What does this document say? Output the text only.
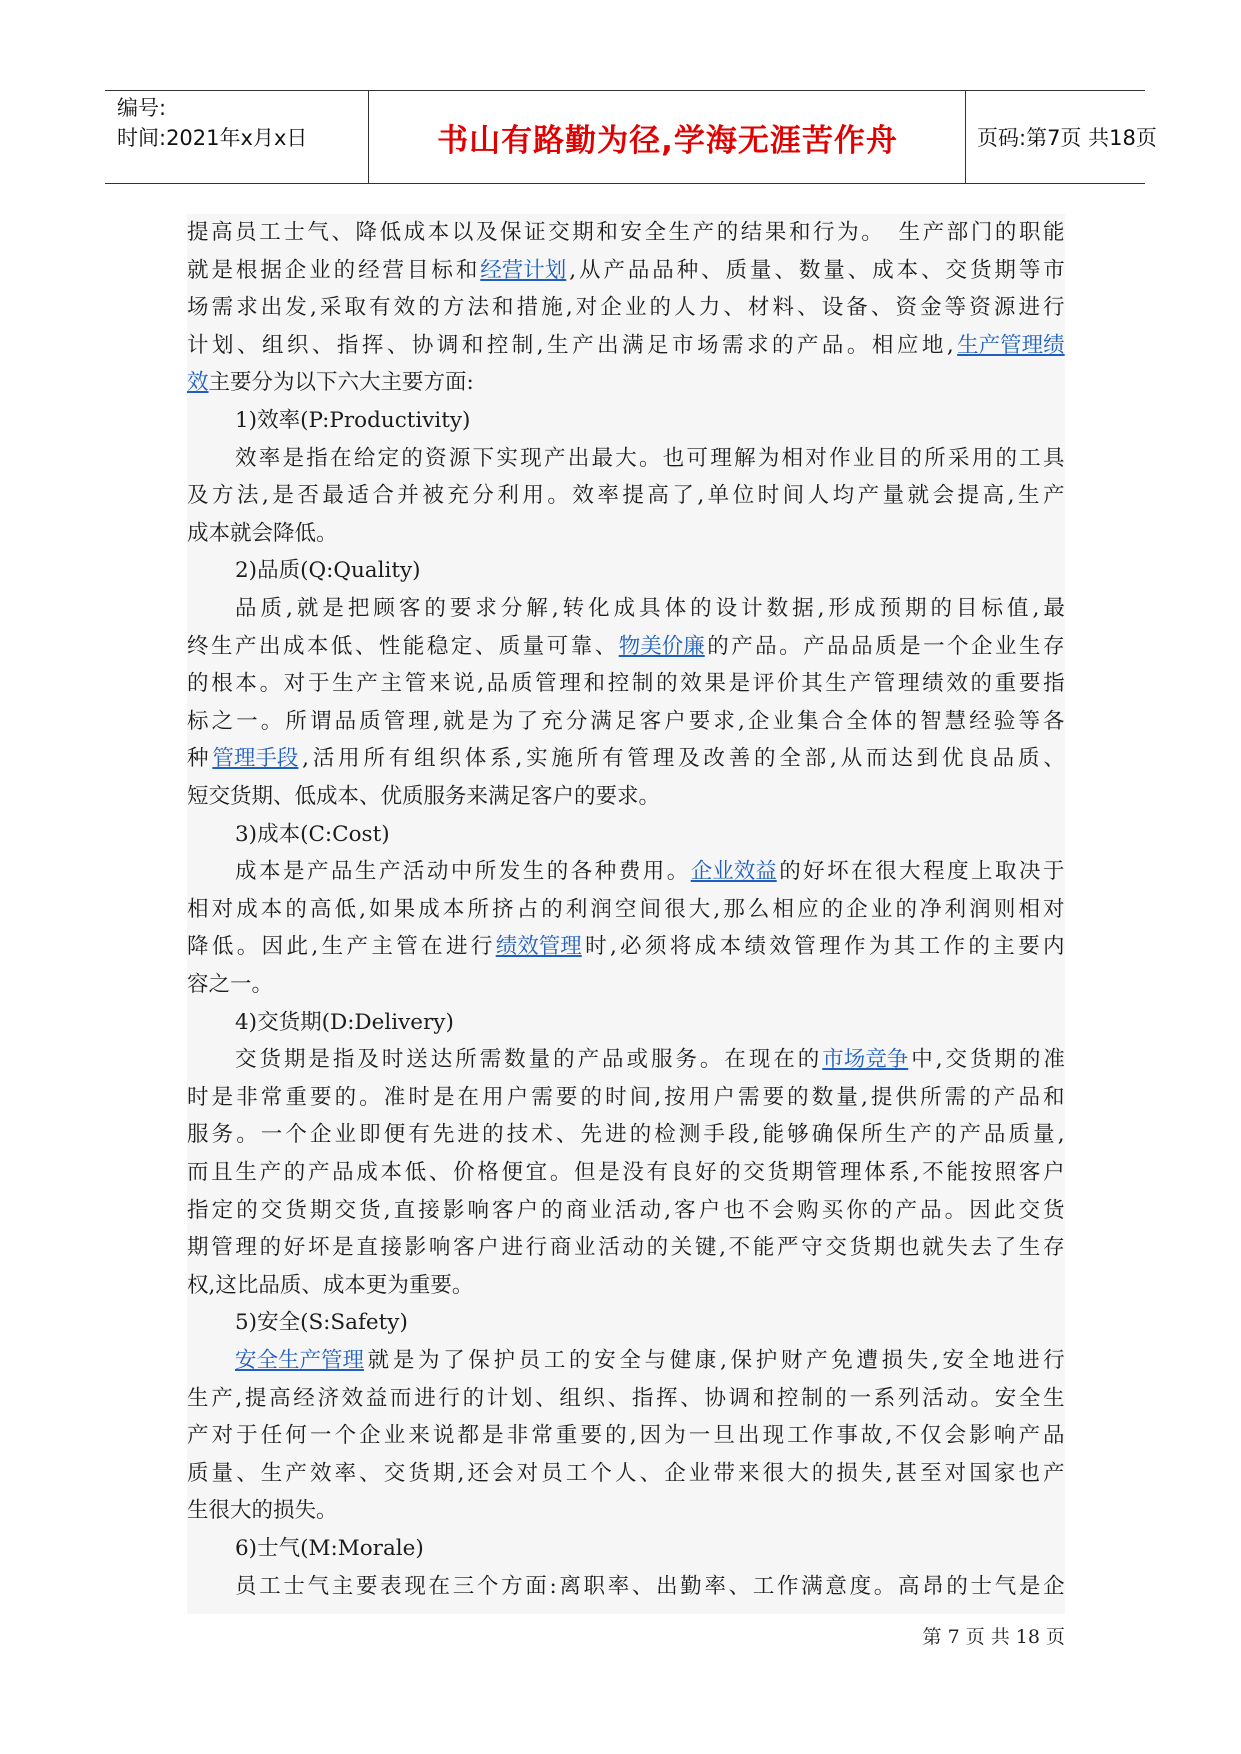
编号:
时间:2021年x月x日	书山有路勤为径,学海无涯苦作舟	页码:第7页 共18页
提 高 员 工 士 气 、 降 低 成 本 以 及 保 证 交 期 和 安 全 生 产 的 结 果 和 行 为 。 生 产 部 门 的 职 能
就 是 根 据 企 业 的 经 营 目 标 和 经营计划 , 从 产 品 品 种 、 质 量 、 数 量 、 成 本 、 交 货 期 等 市
场 需 求 出 发 , 采 取 有 效 的 方 法 和 措 施 , 对 企 业 的 人 力 、 材 料 、 设 备 、 资 金 等 资 源 进 行
计 划 、 组 织 、 指 挥 、 协 调 和 控 制 , 生 产 出 满 足 市 场 需 求 的 产 品 。 相 应 地 , 生产管理绩
效主要分为以下六大主要方面:
1)效率(P:Productivity)
效 率 是 指 在 给 定 的 资 源 下 实 现 产 出 最 大 。 也 可 理 解 为 相 对 作 业 目 的 所 采 用 的 工 具
及 方 法 , 是 否 最 适 合 并 被 充 分 利 用 。 效 率 提 高 了 , 单 位 时 间 人 均 产 量 就 会 提 高 , 生 产
成本就会降低。
2)品质(Q:Quality)
品 质 , 就 是 把 顾 客 的 要 求 分 解 , 转 化 成 具 体 的 设 计 数 据 , 形 成 预 期 的 目 标 值 , 最
终 生 产 出 成 本 低 、 性 能 稳 定 、 质 量 可 靠 、 物美价廉 的 产 品 。 产 品 品 质 是 一 个 企 业 生 存
的 根 本 。 对 于 生 产 主 管 来 说 , 品 质 管 理 和 控 制 的 效 果 是 评 价 其 生 产 管 理 绩 效 的 重 要 指
标 之 一 。 所 谓 品 质 管 理 , 就 是 为 了 充 分 满 足 客 户 要 求 , 企 业 集 合 全 体 的 智 慧 经 验 等 各
种 管理手段 , 活 用 所 有 组 织 体 系 , 实 施 所 有 管 理 及 改 善 的 全 部 , 从 而 达 到 优 良 品 质 、
短交货期、低成本、优质服务来满足客户的要求。
3)成本(C:Cost)
成 本 是 产 品 生 产 活 动 中 所 发 生 的 各 种 费 用 。 企业效益 的 好 坏 在 很 大 程 度 上 取 决 于
相 对 成 本 的 高 低 , 如 果 成 本 所 挤 占 的 利 润 空 间 很 大 , 那 么 相 应 的 企 业 的 净 利 润 则 相 对
降 低 。 因 此 , 生 产 主 管 在 进 行 绩效管理 时 , 必 须 将 成 本 绩 效 管 理 作 为 其 工 作 的 主 要 内
容之一。
4)交货期(D:Delivery)
交 货 期 是 指 及 时 送 达 所 需 数 量 的 产 品 或 服 务 。 在 现 在 的 市场竞争 中 , 交 货 期 的 准
时 是 非 常 重 要 的 。 准 时 是 在 用 户 需 要 的 时 间 , 按 用 户 需 要 的 数 量 , 提 供 所 需 的 产 品 和
服 务 。 一 个 企 业 即 便 有 先 进 的 技 术 、 先 进 的 检 测 手 段 , 能 够 确 保 所 生 产 的 产 品 质 量 ,
而 且 生 产 的 产 品 成 本 低 、 价 格 便 宜 。 但 是 没 有 良 好 的 交 货 期 管 理 体 系 , 不 能 按 照 客 户
指 定 的 交 货 期 交 货 , 直 接 影 响 客 户 的 商 业 活 动 , 客 户 也 不 会 购 买 你 的 产 品 。 因 此 交 货
期 管 理 的 好 坏 是 直 接 影 响 客 户 进 行 商 业 活 动 的 关 键 , 不 能 严 守 交 货 期 也 就 失 去 了 生 存
权,这比品质、成本更为重要。
5)安全(S:Safety)
安全生产管理 就 是 为 了 保 护 员 工 的 安 全 与 健 康 , 保 护 财 产 免 遭 损 失 , 安 全 地 进 行
生 产 , 提 高 经 济 效 益 而 进 行 的 计 划 、 组 织 、 指 挥 、 协 调 和 控 制 的 一 系 列 活 动 。 安 全 生
产 对 于 任 何 一 个 企 业 来 说 都 是 非 常 重 要 的 , 因 为 一 旦 出 现 工 作 事 故 , 不 仅 会 影 响 产 品
质 量 、 生 产 效 率 、 交 货 期 , 还 会 对 员 工 个 人 、 企 业 带 来 很 大 的 损 失 , 甚 至 对 国 家 也 产
生很大的损失。
6)士气(M:Morale)
员 工 士 气 主 要 表 现 在 三 个 方 面 : 离 职 率 、 出 勤 率 、 工 作 满 意 度 。 高 昂 的 士 气 是 企
第 7 页 共 18 页
